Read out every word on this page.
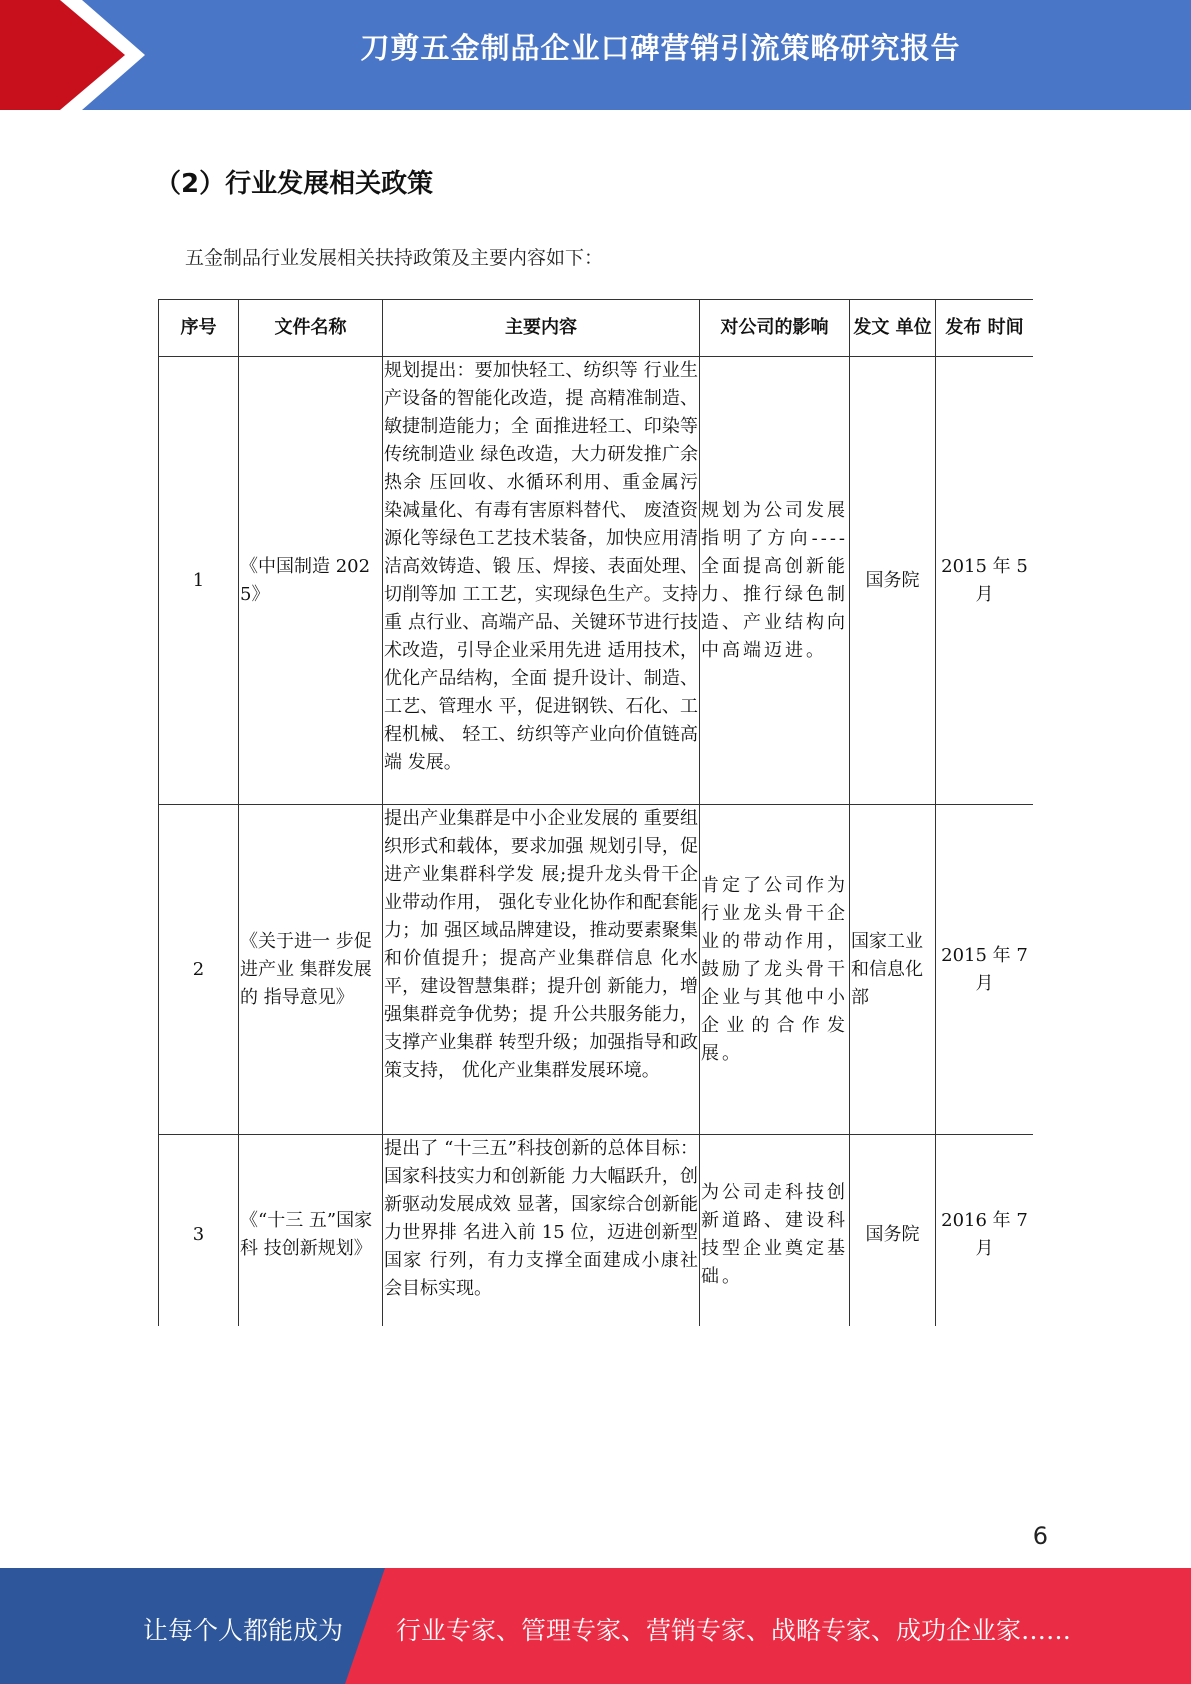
刀剪五金制品企业口碑营销引流策略研究报告
（2）行业发展相关政策
五金制品行业发展相关扶持政策及主要内容如下：
序号	文件名称	主要内容	对公司的影响	发文 单位	发布 时间
1	《中国制造 2025》	规划提出：要加快轻工、纺织等 行业生产设备的智能化改造，提 高精准制造、敏捷制造能力；全 面推进轻工、印染等传统制造业 绿色改造，大力研发推广余热余 压回收、水循环利用、重金属污 染减量化、有毒有害原料替代、 废渣资源化等绿色工艺技术装备，加快应用清洁高效铸造、锻 压、焊接、表面处理、切削等加 工工艺，实现绿色生产。支持重 点行业、高端产品、关键环节进行技术改造，引导企业采用先进 适用技术，优化产品结构，全面 提升设计、制造、工艺、管理水 平，促进钢铁、石化、工程机械、 轻工、纺织等产业向价值链高端 发展。	规划为公司发展指明了方向----全面提高创新能力、推行绿色制造、产业结构向中高端迈进。	国务院	2015 年 5 月
2	《关于进一 步促进产业 集群发展的 指导意见》	提出产业集群是中小企业发展的 重要组织形式和载体，要求加强 规划引导，促进产业集群科学发 展;提升龙头骨干企业带动作用， 强化专业化协作和配套能力；加 强区域品牌建设，推动要素聚集 和价值提升；提高产业集群信息 化水平，建设智慧集群；提升创 新能力，增强集群竞争优势；提 升公共服务能力，支撑产业集群 转型升级；加强指导和政策支持， 优化产业集群发展环境。	肯定了公司作为行业龙头骨干企业的带动作用，鼓励了龙头骨干企业与其他中小企业的合作发 展。	国家工业和信息化部	2015 年 7 月
3	《“十三 五”国家科 技创新规划》	提出了 “十三五”科技创新的总体目标：国家科技实力和创新能 力大幅跃升，创新驱动发展成效 显著，国家综合创新能力世界排 名进入前 15 位，迈进创新型国家 行列，有力支撑全面建成小康社 会目标实现。	为公司走科技创新道路、建设科技型企业奠定基础。	国务院	2016 年 7 月
6
让每个人都能成为 行业专家、管理专家、营销专家、战略专家、成功企业家……
